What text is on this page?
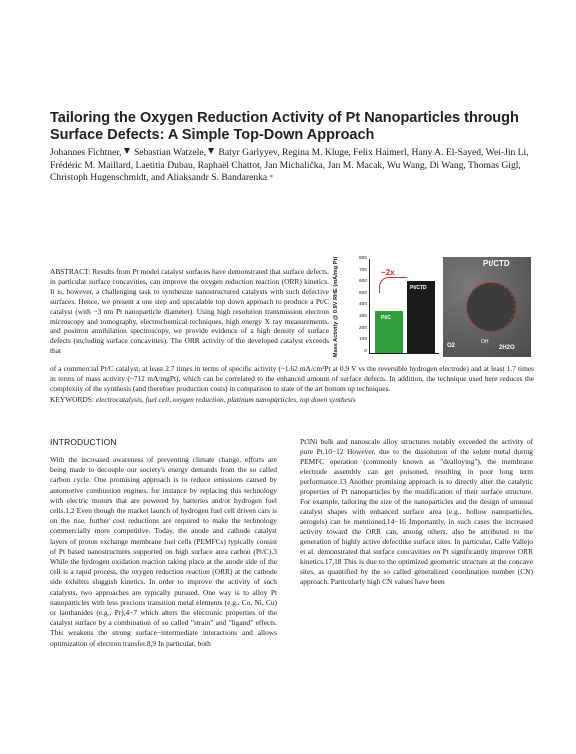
Tailoring the Oxygen Reduction Activity of Pt Nanoparticles through Surface Defects: A Simple Top-Down Approach
Johannes Fichtner, Sebastian Watzele, Batyr Garlyyev, Regina M. Kluge, Felix Haimerl, Hany A. El-Sayed, Wei-Jin Li, Frédéric M. Maillard, Laetitia Dubau, Raphaël Chattot, Jan Michalička, Jan M. Macak, Wu Wang, Di Wang, Thomas Gigl, Christoph Hugenschmidt, and Aliaksandr S. Bandarenka *
ABSTRACT: Results from Pt model catalyst surfaces have demonstrated that surface defects, in particular surface concavities, can improve the oxygen reduction reaction (ORR) kinetics. It is, however, a challenging task to synthesize nanostructured catalysts with such defective surfaces. Hence, we present a one step and upscalable top down approach to produce a Pt/C catalyst (with ~3 nm Pt nanoparticle diameter). Using high resolution transmission electron microscopy and tomography, electrochemical techniques, high energy X ray measurements, and positron annihilation spectroscopy, we provide evidence of a high density of surface defects (including surface concavities). The ORR activity of the developed catalyst exceeds that	Mass Activity @ 0.9V RHE (mA/mg Pt)	800
700
600
500
400
300
200
100
0
Pt/C
Pt/CTD
~2x
Pt/CTD
O2
OH
2H2O
of a commercial Pt/C catalyst, at least 2.7 times in terms of specific activity (~1.62 mA/cm²Pt at 0.9 V vs the reversible hydrogen electrode) and at least 1.7 times in terms of mass activity (~712 mA/mgPt), which can be correlated to the enhanced amount of surface defects. In addition, the technique used here reduces the complexity of the synthesis (and therefore production costs) in comparison to state of the art bottom up techniques.
KEYWORDS: electrocatalysis, fuel cell, oxygen reduction, platinum nanoparticles, top down synthesis
INTRODUCTION
With the increased awareness of preventing climate change, efforts are being made to decouple our society's energy demands from the so called carbon cycle. One promising approach is to reduce emissions caused by automotive combustion engines, for instance by replacing this technology with electric motors that are powered by batteries and/or hydrogen fuel cells.1,2 Even though the market launch of hydrogen fuel cell driven cars is on the rise, further cost reductions are required to make the technology commercially more competitive. Today, the anode and cathode catalyst layers of proton exchange membrane fuel cells (PEMFCs) typically consist of Pt based nanostructures supported on high surface area carbon (Pt/C).3 While the hydrogen oxidation reaction taking place at the anode side of the cell is a rapid process, the oxygen reduction reaction (ORR) at the cathode side exhibits sluggish kinetics. In order to improve the activity of such catalysts, two approaches are typically pursued. One way is to alloy Pt nanoparticles with less precious transition metal elements (e.g., Co, Ni, Cu) or lanthanides (e.g., Pr),4−7 which alters the electronic properties of the catalyst surface by a combination of so called "strain" and "ligand" effects. This weakens the strong surface−intermediate interactions and allows optimization of electron transfer.8,9 In particular, both
Pt3Ni bulk and nanoscale alloy structures notably exceeded the activity of pure Pt.10−12 However, due to the dissolution of the solute metal during PEMFC operation (commonly known as "dealloying"), the membrane electrode assembly can get poisoned, resulting in poor long term performance.13 Another promising approach is to directly alter the catalytic properties of Pt nanoparticles by the modification of their surface structure. For example, tailoring the size of the nanoparticles and the design of unusual catalyst shapes with enhanced surface area (e.g., hollow nanoparticles, aerogels) can be mentioned.14−16 Importantly, in such cases the increased activity toward the ORR can, among others, also be attributed to the generation of highly active defectlike surface sites. In particular, Calle Vallejo et al. demonstrated that surface concavities on Pt significantly improve ORR kinetics.17,18 This is due to the optimized geometric structure at the concave sites, as quantified by the so called generalized coordination number (CN) approach. Particularly high CN values have been
